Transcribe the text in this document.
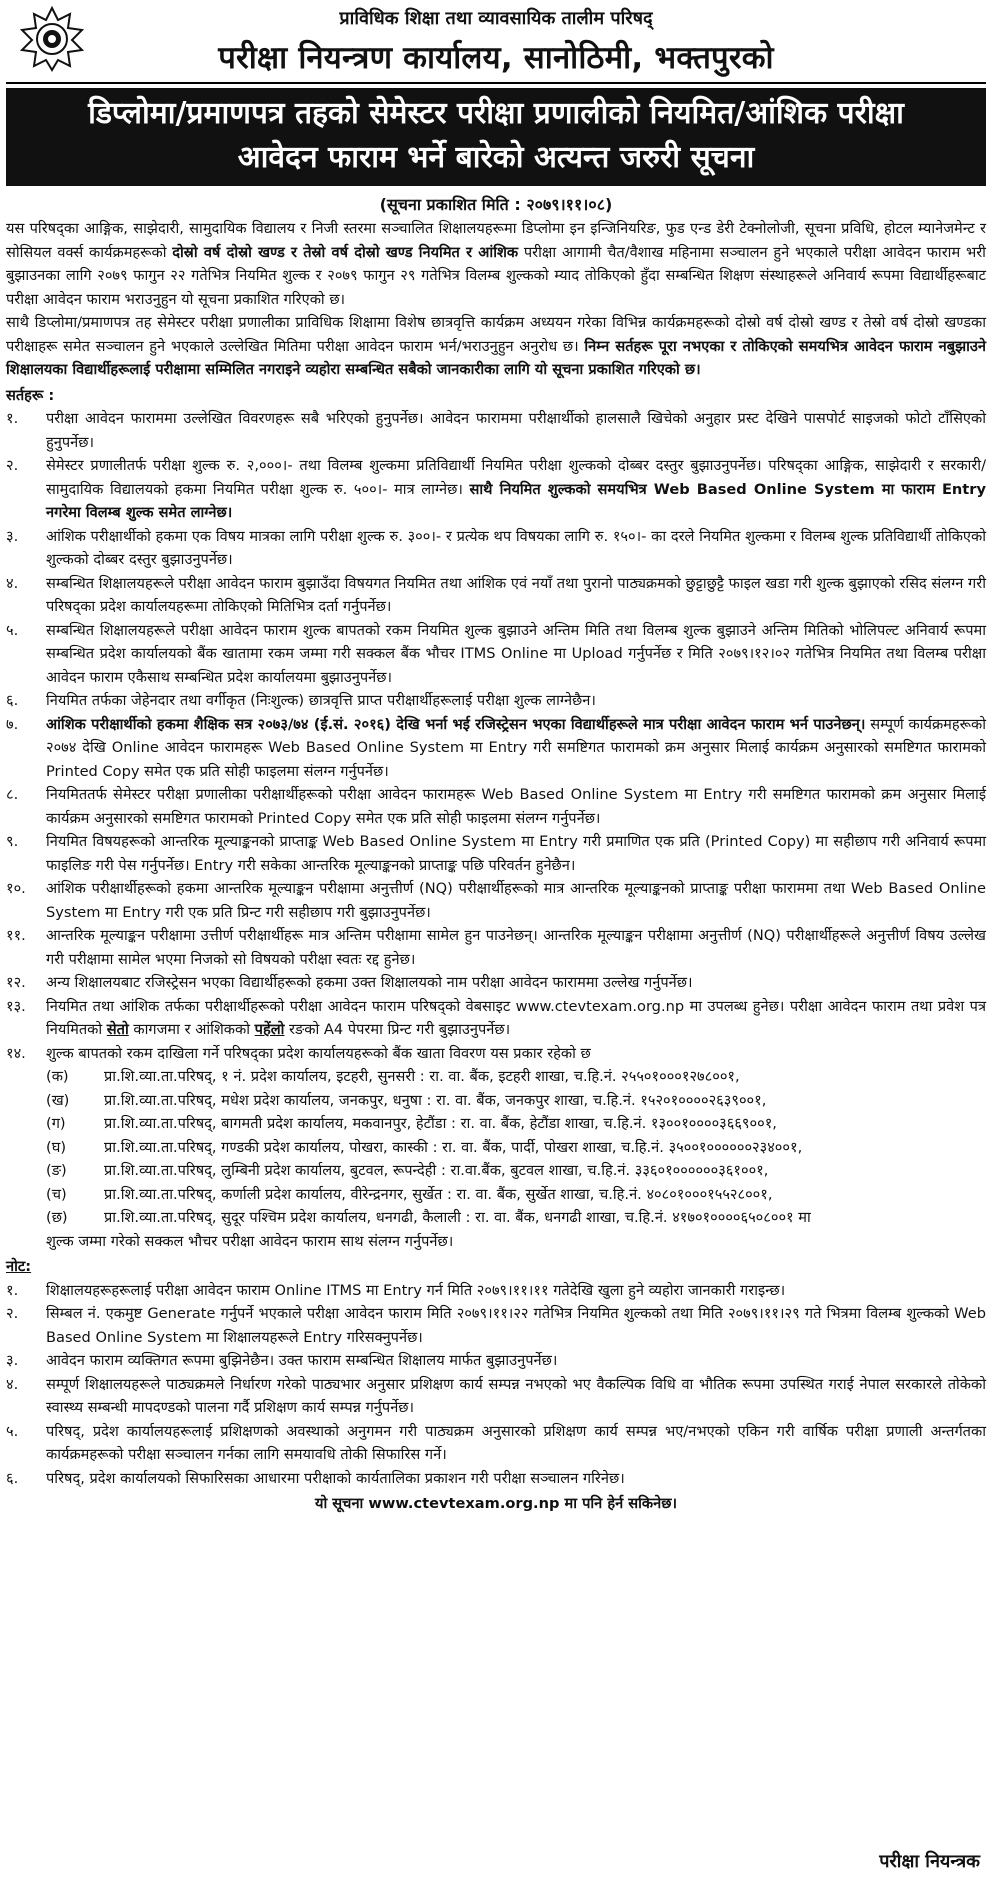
प्राविधिक शिक्षा तथा व्यावसायिक तालीम परिषद्
परीक्षा नियन्त्रण कार्यालय, सानोठिमी, भक्तपुरको
डिप्लोमा/प्रमाणपत्र तहको सेमेस्टर परीक्षा प्रणालीको नियमित/आंशिक परीक्षा
आवेदन फाराम भर्ने बारेको अत्यन्त जरुरी सूचना
(सूचना प्रकाशित मिति : २०७९।११।०८)

यस परिषद्का आङ्गिक, साझेदारी, सामुदायिक विद्यालय र निजी स्तरमा सञ्चालित शिक्षालयहरूमा डिप्लोमा इन इन्जिनियरिङ, फुड एन्ड डेरी टेक्नोलोजी, सूचना प्रविधि, होटल म्यानेजमेन्ट र सोसियल वर्क्स कार्यक्रमहरूको दोस्रो वर्ष दोस्रो खण्ड र तेस्रो वर्ष दोस्रो खण्ड नियमित र आंशिक परीक्षा आगामी चैत/वैशाख महिनामा सञ्चालन हुने भएकाले परीक्षा आवेदन फाराम भरी बुझाउनका लागि २०७९ फागुन २२ गतेभित्र नियमित शुल्क र २०७९ फागुन २९ गतेभित्र विलम्ब शुल्कको म्याद तोकिएको हुँदा सम्बन्धित शिक्षण संस्थाहरूले अनिवार्य रूपमा विद्यार्थीहरूबाट परीक्षा आवेदन फाराम भराउनुहुन यो सूचना प्रकाशित गरिएको छ।

साथै डिप्लोमा/प्रमाणपत्र तह सेमेस्टर परीक्षा प्रणालीका प्राविधिक शिक्षामा विशेष छात्रवृत्ति कार्यक्रम अध्ययन गरेका विभिन्न कार्यक्रमहरूको दोस्रो वर्ष दोस्रो खण्ड र तेस्रो वर्ष दोस्रो खण्डका परीक्षाहरू समेत सञ्चालन हुने भएकाले उल्लेखित मितिमा परीक्षा आवेदन फाराम भर्न/भराउनुहुन अनुरोध छ। निम्न सर्तहरू पूरा नभएका र तोकिएको समयभित्र आवेदन फाराम नबुझाउने शिक्षालयका विद्यार्थीहरूलाई परीक्षामा सम्मिलित नगराइने व्यहोरा सम्बन्धित सबैको जानकारीका लागि यो सूचना प्रकाशित गरिएको छ।

सर्तहरू :
१.	परीक्षा आवेदन फाराममा उल्लेखित विवरणहरू सबै भरिएको हुनुपर्नेछ। आवेदन फाराममा परीक्षार्थीको हालसालै खिचेको अनुहार प्रस्ट देखिने पासपोर्ट साइजको फोटो टाँसिएको हुनुपर्नेछ।
२.	सेमेस्टर प्रणालीतर्फ परीक्षा शुल्क रु. २,०००।- तथा विलम्ब शुल्कमा प्रतिविद्यार्थी नियमित परीक्षा शुल्कको दोब्बर दस्तुर बुझाउनुपर्नेछ। परिषद्का आङ्गिक, साझेदारी र सरकारी/सामुदायिक विद्यालयको हकमा नियमित परीक्षा शुल्क रु. ५००।- मात्र लाग्नेछ। साथै नियमित शुल्कको समयभित्र Web Based Online System मा फाराम Entry नगरेमा विलम्ब शुल्क समेत लाग्नेछ।
३.	आंशिक परीक्षार्थीको हकमा एक विषय मात्रका लागि परीक्षा शुल्क रु. ३००।- र प्रत्येक थप विषयका लागि रु. १५०।- का दरले नियमित शुल्कमा र विलम्ब शुल्क प्रतिविद्यार्थी तोकिएको शुल्कको दोब्बर दस्तुर बुझाउनुपर्नेछ।
४.	सम्बन्धित शिक्षालयहरूले परीक्षा आवेदन फाराम बुझाउँदा विषयगत नियमित तथा आंशिक एवं नयाँ तथा पुरानो पाठ्यक्रमको छुट्टाछुट्टै फाइल खडा गरी शुल्क बुझाएको रसिद संलग्न गरी परिषद्का प्रदेश कार्यालयहरूमा तोकिएको मितिभित्र दर्ता गर्नुपर्नेछ।
५.	सम्बन्धित शिक्षालयहरूले परीक्षा आवेदन फाराम शुल्क बापतको रकम नियमित शुल्क बुझाउने अन्तिम मिति तथा विलम्ब शुल्क बुझाउने अन्तिम मितिको भोलिपल्ट अनिवार्य रूपमा सम्बन्धित प्रदेश कार्यालयको बैंक खातामा रकम जम्मा गरी सक्कल बैंक भौचर ITMS Online मा Upload गर्नुपर्नेछ र मिति २०७९।१२।०२ गतेभित्र नियमित तथा विलम्ब परीक्षा आवेदन फाराम एकैसाथ सम्बन्धित प्रदेश कार्यालयमा बुझाउनुपर्नेछ।
६.	नियमित तर्फका जेहेनदार तथा वर्गीकृत (निःशुल्क) छात्रवृत्ति प्राप्त परीक्षार्थीहरूलाई परीक्षा शुल्क लाग्नेछैन।
७.	आंशिक परीक्षार्थीको हकमा शैक्षिक सत्र २०७३/७४ (ई.सं. २०१६) देखि भर्ना भई रजिस्ट्रेसन भएका विद्यार्थीहरूले मात्र परीक्षा आवेदन फाराम भर्न पाउनेछन्। सम्पूर्ण कार्यक्रमहरूको २०७४ देखि Online आवेदन फारामहरू Web Based Online System मा Entry गरी समष्टिगत फारामको क्रम अनुसार मिलाई कार्यक्रम अनुसारको समष्टिगत फारामको Printed Copy समेत एक प्रति सोही फाइलमा संलग्न गर्नुपर्नेछ।
८.	नियमिततर्फ सेमेस्टर परीक्षा प्रणालीका परीक्षार्थीहरूको परीक्षा आवेदन फारामहरू Web Based Online System मा Entry गरी समष्टिगत फारामको क्रम अनुसार मिलाई कार्यक्रम अनुसारको समष्टिगत फारामको Printed Copy समेत एक प्रति सोही फाइलमा संलग्न गर्नुपर्नेछ।
९.	नियमित विषयहरूको आन्तरिक मूल्याङ्कनको प्राप्ताङ्क Web Based Online System मा Entry गरी प्रमाणित एक प्रति (Printed Copy) मा सहीछाप गरी अनिवार्य रूपमा फाइलिङ गरी पेस गर्नुपर्नेछ। Entry गरी सकेका आन्तरिक मूल्याङ्कनको प्राप्ताङ्क पछि परिवर्तन हुनेछैन।
१०.	आंशिक परीक्षार्थीहरूको हकमा आन्तरिक मूल्याङ्कन परीक्षामा अनुत्तीर्ण (NQ) परीक्षार्थीहरूको मात्र आन्तरिक मूल्याङ्कनको प्राप्ताङ्क परीक्षा फाराममा तथा Web Based Online System मा Entry गरी एक प्रति प्रिन्ट गरी सहीछाप गरी बुझाउनुपर्नेछ।
११.	आन्तरिक मूल्याङ्कन परीक्षामा उत्तीर्ण परीक्षार्थीहरू मात्र अन्तिम परीक्षामा सामेल हुन पाउनेछन्। आन्तरिक मूल्याङ्कन परीक्षामा अनुत्तीर्ण (NQ) परीक्षार्थीहरूले अनुत्तीर्ण विषय उल्लेख गरी परीक्षामा सामेल भएमा निजको सो विषयको परीक्षा स्वतः रद्द हुनेछ।
१२.	अन्य शिक्षालयबाट रजिस्ट्रेसन भएका विद्यार्थीहरूको हकमा उक्त शिक्षालयको नाम परीक्षा आवेदन फाराममा उल्लेख गर्नुपर्नेछ।
१३.	नियमित तथा आंशिक तर्फका परीक्षार्थीहरूको परीक्षा आवेदन फाराम परिषद्को वेबसाइट www.ctevtexam.org.np मा उपलब्ध हुनेछ। परीक्षा आवेदन फाराम तथा प्रवेश पत्र नियमितको सेतो कागजमा र आंशिकको पहेंलो रङको A4 पेपरमा प्रिन्ट गरी बुझाउनुपर्नेछ।
१४.	शुल्क बापतको रकम दाखिला गर्ने परिषद्का प्रदेश कार्यालयहरूको बैंक खाता विवरण यस प्रकार रहेको छ
(क)	प्रा.शि.व्या.ता.परिषद्, १ नं. प्रदेश कार्यालय, इटहरी, सुनसरी : रा. वा. बैंक, इटहरी शाखा, च.हि.नं. २५५०१०००१२७८००१,
(ख)	प्रा.शि.व्या.ता.परिषद्, मधेश प्रदेश कार्यालय, जनकपुर, धनुषा : रा. वा. बैंक, जनकपुर शाखा, च.हि.नं. १५२०१००००२६३९००१,
(ग)	प्रा.शि.व्या.ता.परिषद्, बागमती प्रदेश कार्यालय, मकवानपुर, हेटौंडा : रा. वा. बैंक, हेटौंडा शाखा, च.हि.नं. १३००१००००३६६९००१,
(घ)	प्रा.शि.व्या.ता.परिषद्, गण्डकी प्रदेश कार्यालय, पोखरा, कास्की : रा. वा. बैंक, पार्दी, पोखरा शाखा, च.हि.नं. ३५००१००००००२३४००१,
(ङ)	प्रा.शि.व्या.ता.परिषद्, लुम्बिनी प्रदेश कार्यालय, बुटवल, रूपन्देही : रा.वा.बैंक, बुटवल शाखा, च.हि.नं. ३३६०१००००००३६१००१,
(च)	प्रा.शि.व्या.ता.परिषद्, कर्णाली प्रदेश कार्यालय, वीरेन्द्रनगर, सुर्खेत : रा. वा. बैंक, सुर्खेत शाखा, च.हि.नं. ४०८०१०००१५५२८००१,
(छ)	प्रा.शि.व्या.ता.परिषद्, सुदूर पश्चिम प्रदेश कार्यालय, धनगढी, कैलाली : रा. वा. बैंक, धनगढी शाखा, च.हि.नं. ४१७०१००००६५०८००१ मा
शुल्क जम्मा गरेको सक्कल भौचर परीक्षा आवेदन फाराम साथ संलग्न गर्नुपर्नेछ।
नोट:
१.	शिक्षालयहरूहरूलाई परीक्षा आवेदन फाराम Online ITMS मा Entry गर्न मिति २०७९।११।११ गतेदेखि खुला हुने व्यहोरा जानकारी गराइन्छ।
२.	सिम्बल नं. एकमुष्ट Generate गर्नुपर्ने भएकाले परीक्षा आवेदन फाराम मिति २०७९।११।२२ गतेभित्र नियमित शुल्कको तथा मिति २०७९।११।२९ गते भित्रमा विलम्ब शुल्कको Web Based Online System मा शिक्षालयहरूले Entry गरिसक्नुपर्नेछ।
३.	आवेदन फाराम व्यक्तिगत रूपमा बुझिनेछैन। उक्त फाराम सम्बन्धित शिक्षालय मार्फत बुझाउनुपर्नेछ।
४.	सम्पूर्ण शिक्षालयहरूले पाठ्यक्रमले निर्धारण गरेको पाठ्यभार अनुसार प्रशिक्षण कार्य सम्पन्न नभएको भए वैकल्पिक विधि वा भौतिक रूपमा उपस्थित गराई नेपाल सरकारले तोकेको स्वास्थ्य सम्बन्धी मापदण्डको पालना गर्दै प्रशिक्षण कार्य सम्पन्न गर्नुपर्नेछ।
५.	परिषद्, प्रदेश कार्यालयहरूलाई प्रशिक्षणको अवस्थाको अनुगमन गरी पाठ्यक्रम अनुसारको प्रशिक्षण कार्य सम्पन्न भए/नभएको एकिन गरी वार्षिक परीक्षा प्रणाली अन्तर्गतका कार्यक्रमहरूको परीक्षा सञ्चालन गर्नका लागि समयावधि तोकी सिफारिस गर्ने।
६.	परिषद्, प्रदेश कार्यालयको सिफारिसका आधारमा परीक्षाको कार्यतालिका प्रकाशन गरी परीक्षा सञ्चालन गरिनेछ।
यो सूचना www.ctevtexam.org.np मा पनि हेर्न सकिनेछ।
परीक्षा नियन्त्रक
